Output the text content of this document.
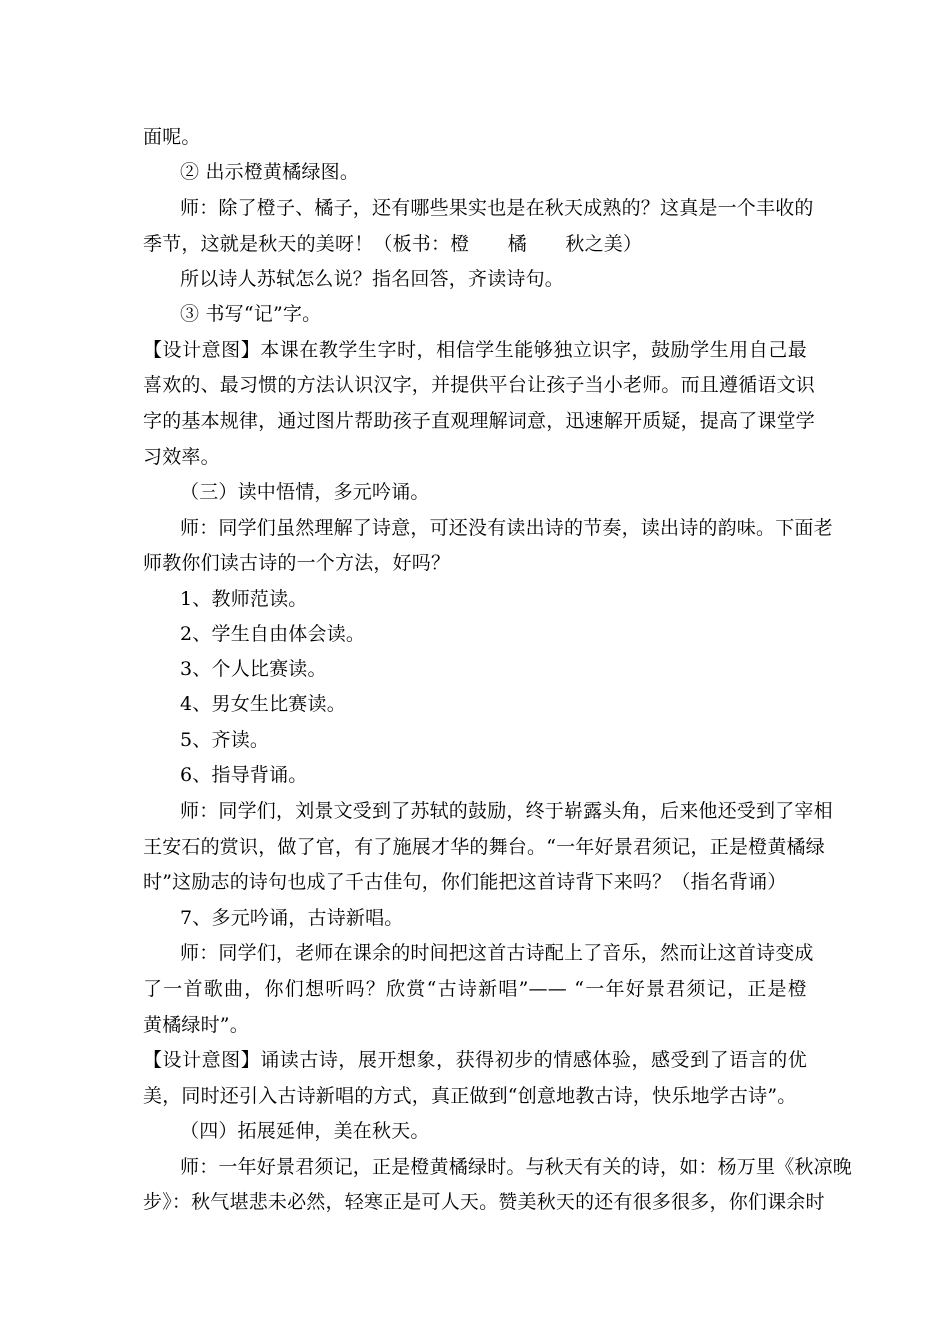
面呢。
② 出示橙黄橘绿图。
师：除了橙子、橘子，还有哪些果实也是在秋天成熟的？这真是一个丰收的
季节，这就是秋天的美呀！（板书：橙　　橘　　秋之美）
所以诗人苏轼怎么说？指名回答，齐读诗句。
③ 书写“记”字。
【设计意图】本课在教学生字时，相信学生能够独立识字，鼓励学生用自己最
喜欢的、最习惯的方法认识汉字，并提供平台让孩子当小老师。而且遵循语文识
字的基本规律，通过图片帮助孩子直观理解词意，迅速解开质疑，提高了课堂学
习效率。
（三）读中悟情，多元吟诵。
师：同学们虽然理解了诗意，可还没有读出诗的节奏，读出诗的韵味。下面老
师教你们读古诗的一个方法，好吗？
1、教师范读。
2、学生自由体会读。
3、个人比赛读。
4、男女生比赛读。
5、齐读。
6、指导背诵。
师：同学们，刘景文受到了苏轼的鼓励，终于崭露头角，后来他还受到了宰相
王安石的赏识，做了官，有了施展才华的舞台。“一年好景君须记，正是橙黄橘绿
时”这励志的诗句也成了千古佳句，你们能把这首诗背下来吗？（指名背诵）
7、多元吟诵，古诗新唱。
师：同学们，老师在课余的时间把这首古诗配上了音乐，然而让这首诗变成
了一首歌曲，你们想听吗？欣赏“古诗新唱”—— “一年好景君须记，正是橙
黄橘绿时”。
【设计意图】诵读古诗，展开想象，获得初步的情感体验，感受到了语言的优
美，同时还引入古诗新唱的方式，真正做到“创意地教古诗，快乐地学古诗”。
（四）拓展延伸，美在秋天。
师：一年好景君须记，正是橙黄橘绿时。与秋天有关的诗，如：杨万里《秋凉晚
步》：秋气堪悲未必然，轻寒正是可人天。赞美秋天的还有很多很多，你们课余时
